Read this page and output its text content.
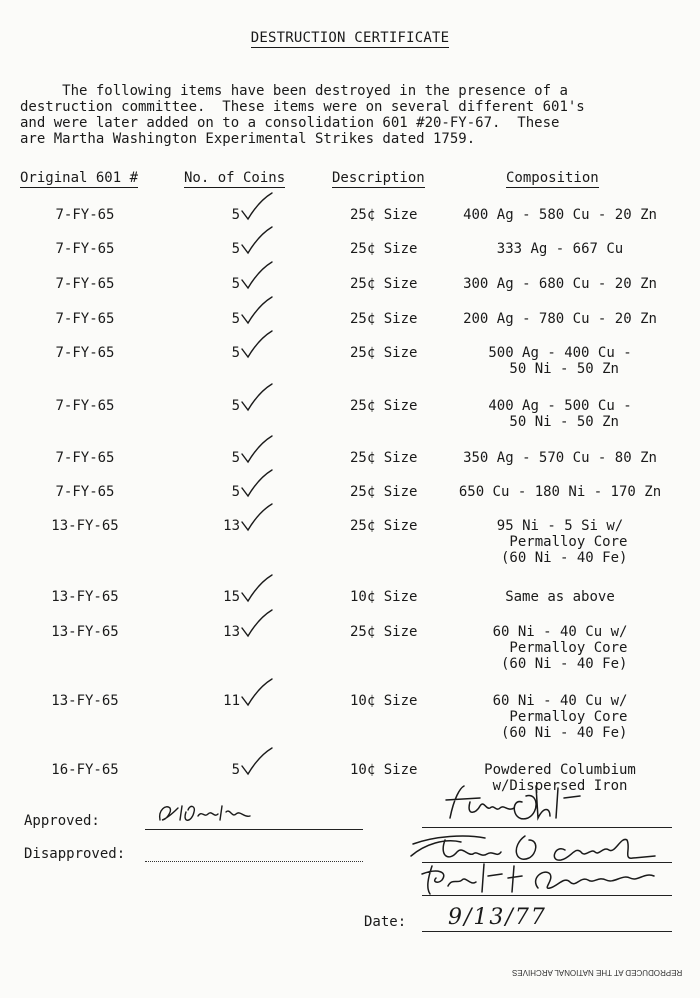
DESTRUCTION CERTIFICATE
The following items have been destroyed in the presence of a
destruction committee.  These items were on several different 601's
and were later added on to a consolidation 601 #20-FY-67.  These
are Martha Washington Experimental Strikes dated 1759.
Original 601 #	No. of Coins	Description	Composition
7-FY-65	5	25¢ Size	400 Ag - 580 Cu - 20 Zn
7-FY-65	5	25¢ Size	333 Ag - 667 Cu
7-FY-65	5	25¢ Size	300 Ag - 680 Cu - 20 Zn
7-FY-65	5	25¢ Size	200 Ag - 780 Cu - 20 Zn
7-FY-65	5	25¢ Size	500 Ag - 400 Cu -
50 Ni - 50 Zn
7-FY-65	5	25¢ Size	400 Ag - 500 Cu -
50 Ni - 50 Zn
7-FY-65	5	25¢ Size	350 Ag - 570 Cu - 80 Zn
7-FY-65	5	25¢ Size	650 Cu - 180 Ni - 170 Zn
13-FY-65	13	25¢ Size	95 Ni - 5 Si w/
Permalloy Core
(60 Ni - 40 Fe)
13-FY-65	15	10¢ Size	Same as above
13-FY-65	13	25¢ Size	60 Ni - 40 Cu w/
Permalloy Core
(60 Ni - 40 Fe)
13-FY-65	11	10¢ Size	60 Ni - 40 Cu w/
Permalloy Core
(60 Ni - 40 Fe)
16-FY-65	5	10¢ Size	Powdered Columbium
w/Dispersed Iron
Approved:
Disapproved:
Date: 9/13/77
REPRODUCED AT THE NATIONAL ARCHIVES
